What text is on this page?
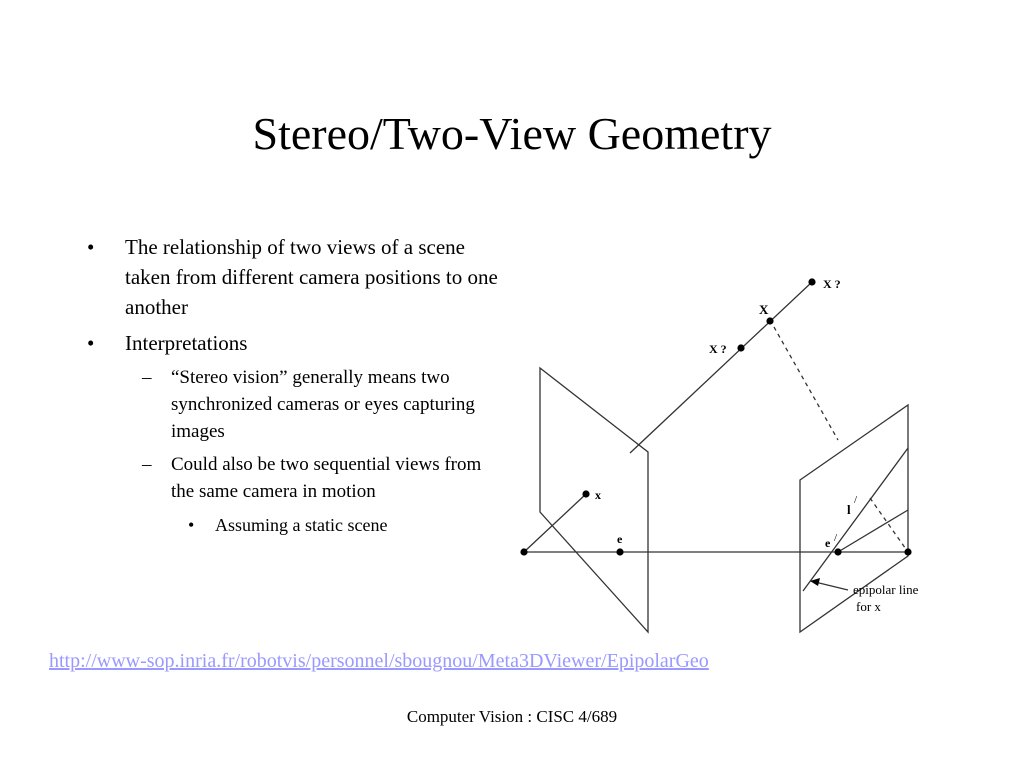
Stereo/Two-View Geometry
• The relationship of two views of a scene taken from different camera positions to one another
• Interpretations
– “Stereo vision” generally means two synchronized cameras or eyes capturing images
– Could also be two sequential views from the same camera in motion
• Assuming a static scene
X ?
X
X ?
x
e	e /
l
/
epipolar line
for x
http://www-sop.inria.fr/robotvis/personnel/sbougnou/Meta3DViewer/EpipolarGeo
Computer Vision : CISC 4/689
